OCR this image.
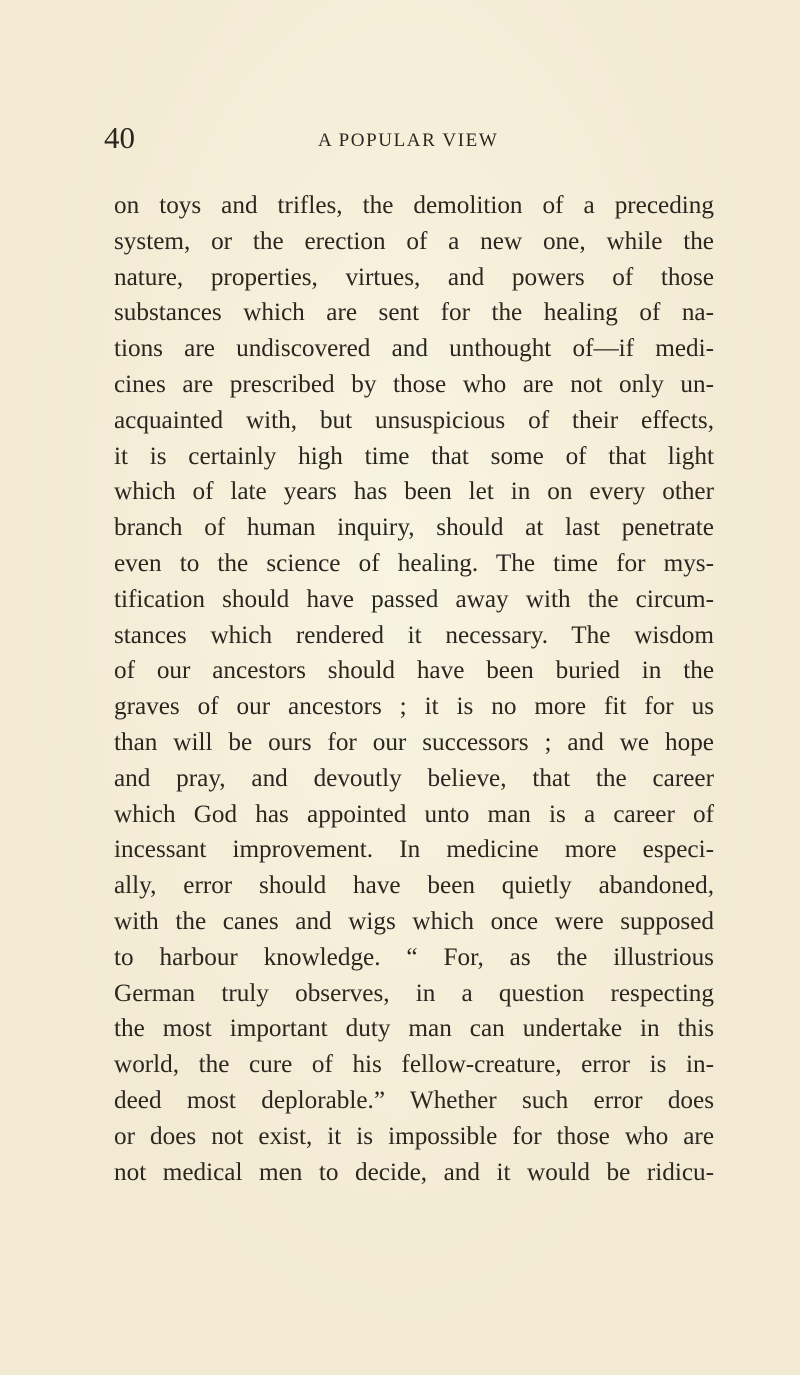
40	A POPULAR VIEW
on toys and trifles, the demolition of a preceding
system, or the erection of a new one, while the
nature, properties, virtues, and powers of those
substances which are sent for the healing of na-
tions are undiscovered and unthought of—if medi-
cines are prescribed by those who are not only un-
acquainted with, but unsuspicious of their effects,
it is certainly high time that some of that light
which of late years has been let in on every other
branch of human inquiry, should at last penetrate
even to the science of healing. The time for mys-
tification should have passed away with the circum-
stances which rendered it necessary. The wisdom
of our ancestors should have been buried in the
graves of our ancestors ; it is no more fit for us
than will be ours for our successors ; and we hope
and pray, and devoutly believe, that the career
which God has appointed unto man is a career of
incessant improvement. In medicine more especi-
ally, error should have been quietly abandoned,
with the canes and wigs which once were supposed
to harbour knowledge. “ For, as the illustrious
German truly observes, in a question respecting
the most important duty man can undertake in this
world, the cure of his fellow-creature, error is in-
deed most deplorable.” Whether such error does
or does not exist, it is impossible for those who are
not medical men to decide, and it would be ridicu-
